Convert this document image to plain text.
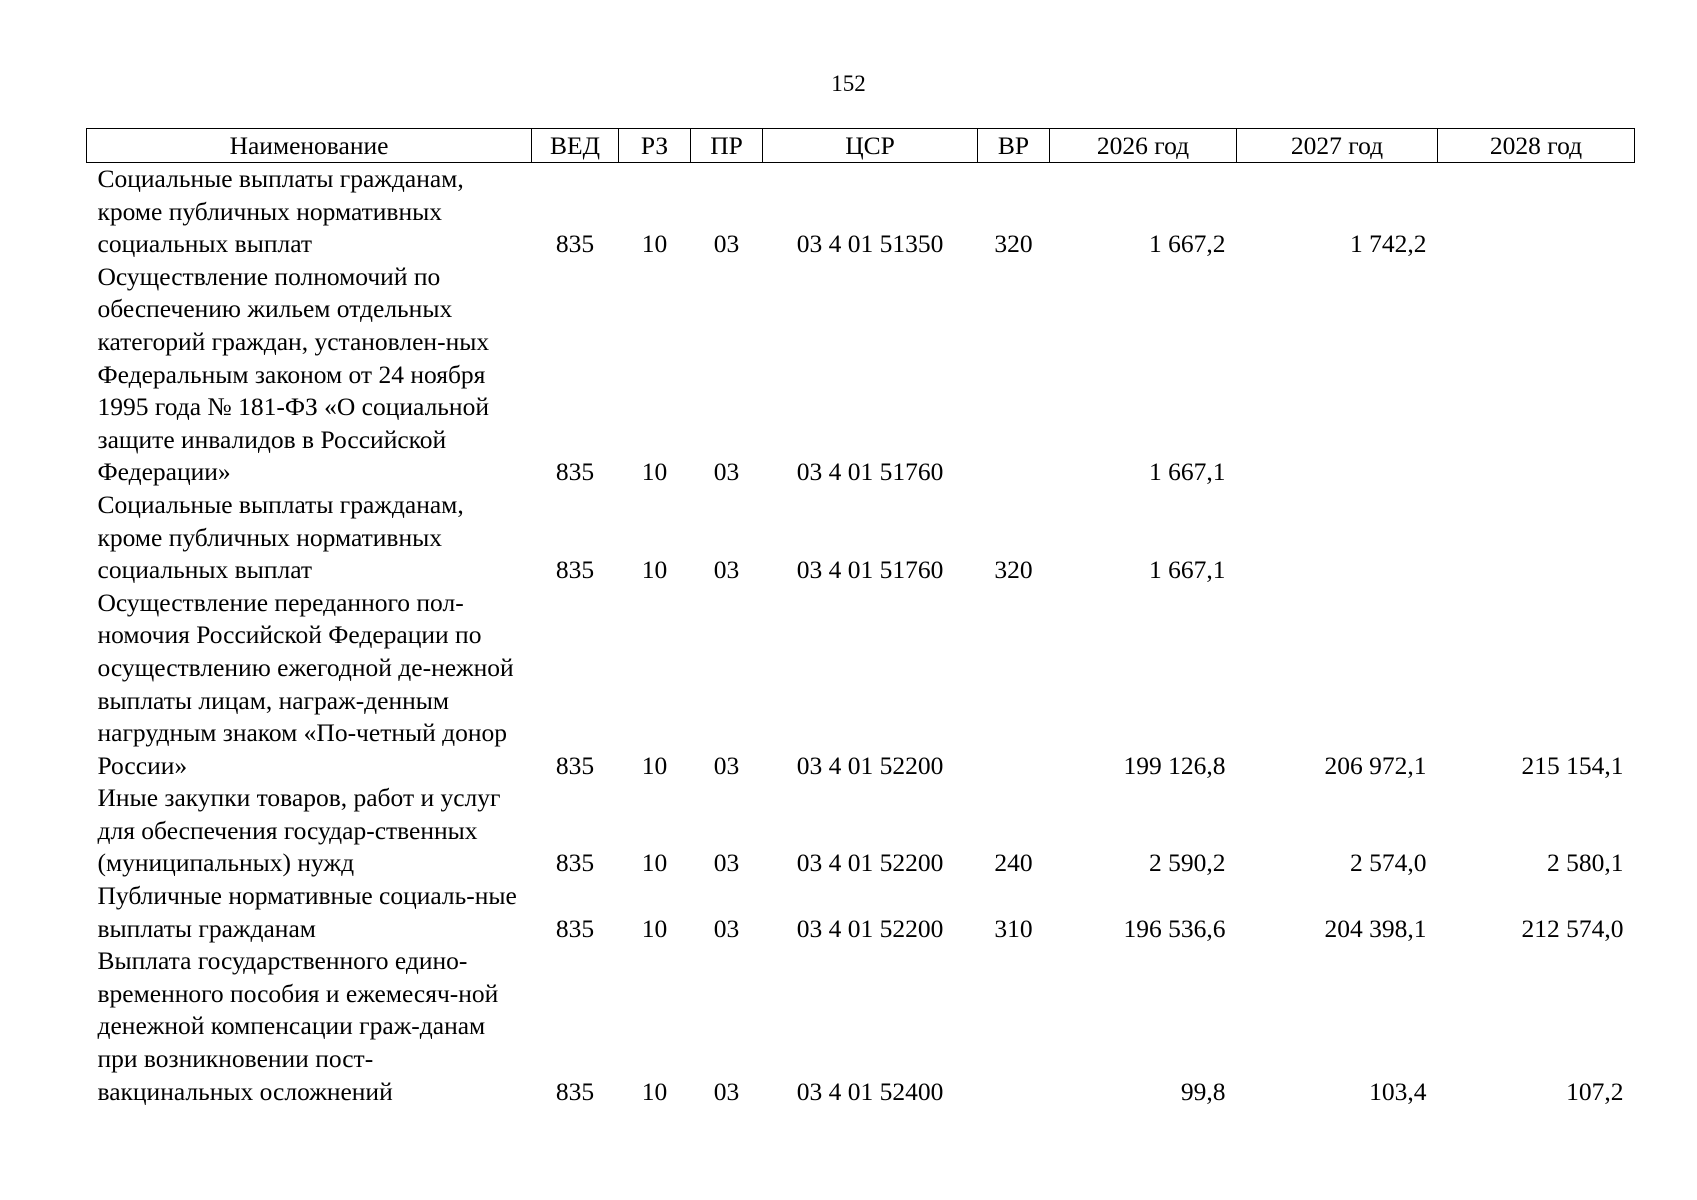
152
Наименование	ВЕД	РЗ	ПР	ЦСР	ВР	2026 год	2027 год	2028 год
Социальные выплаты гражданам, кроме публичных нормативных социальных выплат	835	10	03	03 4 01 51350	320	1 667,2	1 742,2	
Осуществление полномочий по обеспечению жильем отдельных категорий граждан, установлен-ных Федеральным законом от 24 ноября 1995 года № 181-ФЗ «О социальной защите инвалидов в Российской Федерации»	835	10	03	03 4 01 51760		1 667,1		
Социальные выплаты гражданам, кроме публичных нормативных социальных выплат	835	10	03	03 4 01 51760	320	1 667,1		
Осуществление переданного пол-номочия Российской Федерации по осуществлению ежегодной де-нежной выплаты лицам, награж-денным нагрудным знаком «По-четный донор России»	835	10	03	03 4 01 52200		199 126,8	206 972,1	215 154,1
Иные закупки товаров, работ и услуг для обеспечения государ-ственных (муниципальных) нужд	835	10	03	03 4 01 52200	240	2 590,2	2 574,0	2 580,1
Публичные нормативные социаль-ные выплаты гражданам	835	10	03	03 4 01 52200	310	196 536,6	204 398,1	212 574,0
Выплата государственного едино-временного пособия и ежемесяч-ной денежной компенсации граж-данам при возникновении пост-вакцинальных осложнений	835	10	03	03 4 01 52400		99,8	103,4	107,2
